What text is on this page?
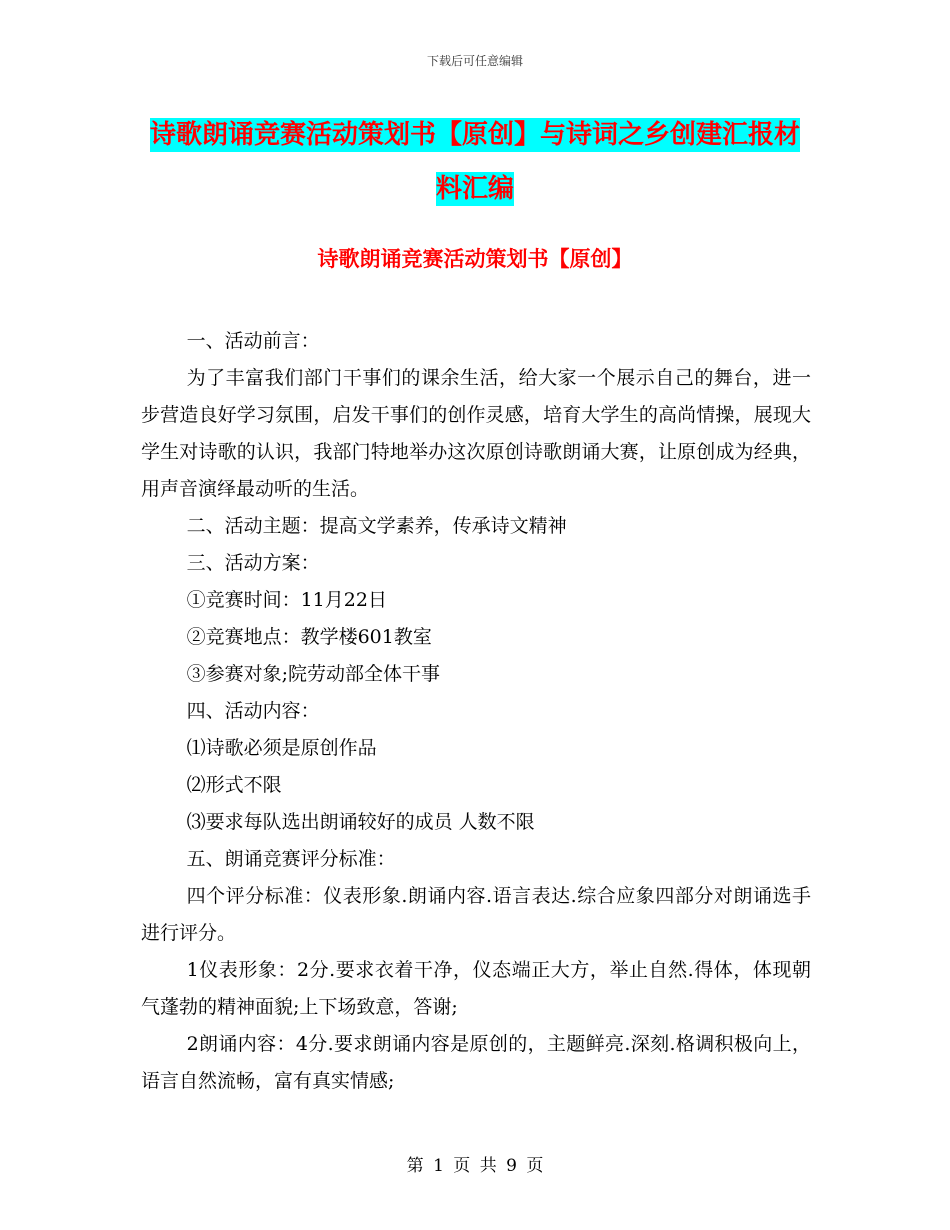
下载后可任意编辑
诗歌朗诵竞赛活动策划书【原创】与诗词之乡创建汇报材料汇编
诗歌朗诵竞赛活动策划书【原创】

一、活动前言：

为了丰富我们部门干事们的课余生活，给大家一个展示自己的舞台，进一步营造良好学习氛围，启发干事们的创作灵感，培育大学生的高尚情操，展现大学生对诗歌的认识，我部门特地举办这次原创诗歌朗诵大赛，让原创成为经典，用声音演绎最动听的生活。

二、活动主题：提高文学素养，传承诗文精神

三、活动方案：

①竞赛时间：11月22日

②竞赛地点：教学楼601教室

③参赛对象;院劳动部全体干事

四、活动内容：

⑴诗歌必须是原创作品

⑵形式不限

⑶要求每队选出朗诵较好的成员 人数不限

五、朗诵竞赛评分标准：

四个评分标准：仪表形象.朗诵内容.语言表达.综合应象四部分对朗诵选手进行评分。

1仪表形象：2分.要求衣着干净，仪态端正大方，举止自然.得体，体现朝气蓬勃的精神面貌;上下场致意，答谢;

2朗诵内容：4分.要求朗诵内容是原创的，主题鲜亮.深刻.格调积极向上，语言自然流畅，富有真实情感;

第 1 页 共 9 页
